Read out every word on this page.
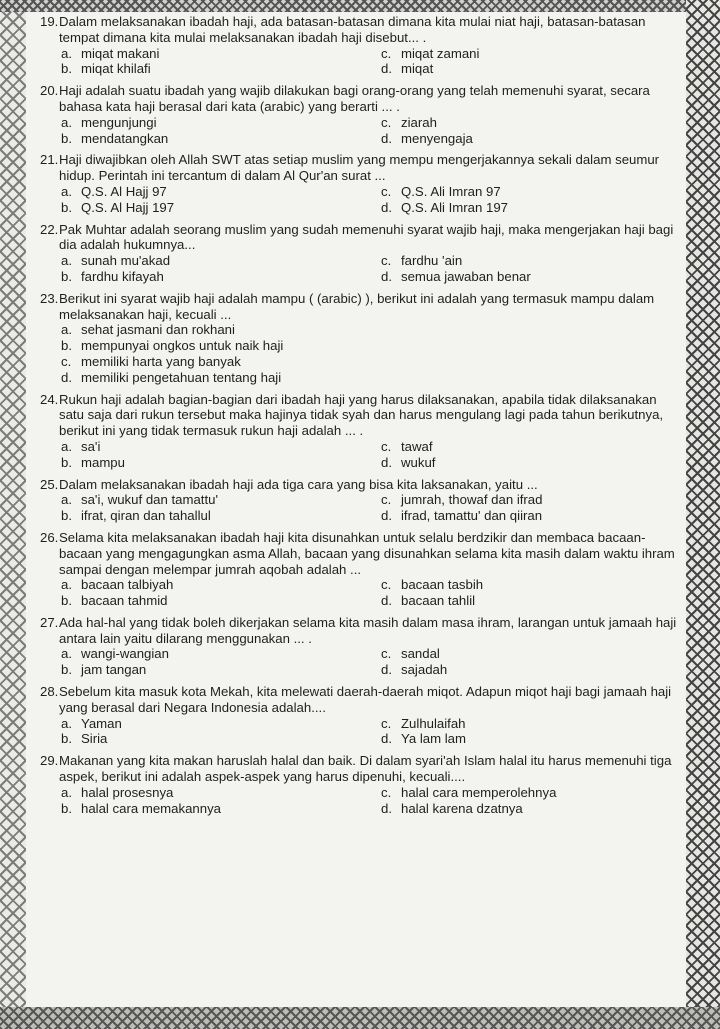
19. Dalam melaksanakan ibadah haji, ada batasan-batasan dimana kita mulai niat haji, batasan-batasan tempat dimana kita mulai melaksanakan ibadah haji disebut... .
a. miqat makani	c. miqat zamani
b. miqat khilafi	d. miqat
20. Haji adalah suatu ibadah yang wajib dilakukan bagi orang-orang yang telah memenuhi syarat, secara bahasa kata haji berasal dari kata (arabic) yang berarti ... .
a. mengunjungi	c. ziarah
b. mendatangkan	d. menyengaja
21. Haji diwajibkan oleh Allah SWT atas setiap muslim yang mempu mengerjakannya sekali dalam seumur hidup. Perintah ini tercantum di dalam Al Qur'an surat ...
a. Q.S. Al Hajj 97	c. Q.S. Ali Imran 97
b. Q.S. Al Hajj 197	d. Q.S. Ali Imran 197
22. Pak Muhtar adalah seorang muslim yang sudah memenuhi syarat wajib haji, maka mengerjakan haji bagi dia adalah hukumnya...
a. sunah mu'akad	c. fardhu 'ain
b. fardhu kifayah	d. semua jawaban benar
23. Berikut ini syarat wajib haji adalah mampu ( (arabic) ), berikut ini adalah yang termasuk mampu dalam melaksanakan haji, kecuali ...
a. sehat jasmani dan rokhani
b. mempunyai ongkos untuk naik haji
c. memiliki harta yang banyak
d. memiliki pengetahuan tentang haji
24. Rukun haji adalah bagian-bagian dari ibadah haji yang harus dilaksanakan, apabila tidak dilaksanakan satu saja dari rukun tersebut maka hajinya tidak syah dan harus mengulang lagi pada tahun berikutnya, berikut ini yang tidak termasuk rukun haji adalah ... .
a. sa'i	c. tawaf
b. mampu	d. wukuf
25. Dalam melaksanakan ibadah haji ada tiga cara yang bisa kita laksanakan, yaitu ...
a. sa'i, wukuf dan tamattu'	c. jumrah, thowaf dan ifrad
b. ifrat, qiran dan tahallul	d. ifrad, tamattu' dan qiiran
26. Selama kita melaksanakan ibadah haji kita disunahkan untuk selalu berdzikir dan membaca bacaan-bacaan yang mengagungkan asma Allah, bacaan yang disunahkan selama kita masih dalam waktu ihram sampai dengan melempar jumrah aqobah adalah ...
a. bacaan talbiyah	c. bacaan tasbih
b. bacaan tahmid	d. bacaan tahlil
27. Ada hal-hal yang tidak boleh dikerjakan selama kita masih dalam masa ihram, larangan untuk jamaah haji antara lain yaitu dilarang menggunakan ... .
a. wangi-wangian	c. sandal
b. jam tangan	d. sajadah
28. Sebelum kita masuk kota Mekah, kita melewati daerah-daerah miqot. Adapun miqot haji bagi jamaah haji yang berasal dari Negara Indonesia adalah....
a. Yaman	c. Zulhulaifah
b. Siria	d. Ya lam lam
29. Makanan yang kita makan haruslah halal dan baik. Di dalam syari'ah Islam halal itu harus memenuhi tiga aspek, berikut ini adalah aspek-aspek yang harus dipenuhi, kecuali....
a. halal prosesnya	c. halal cara memperolehnya
b. halal cara memakannya	d. halal karena dzatnya
